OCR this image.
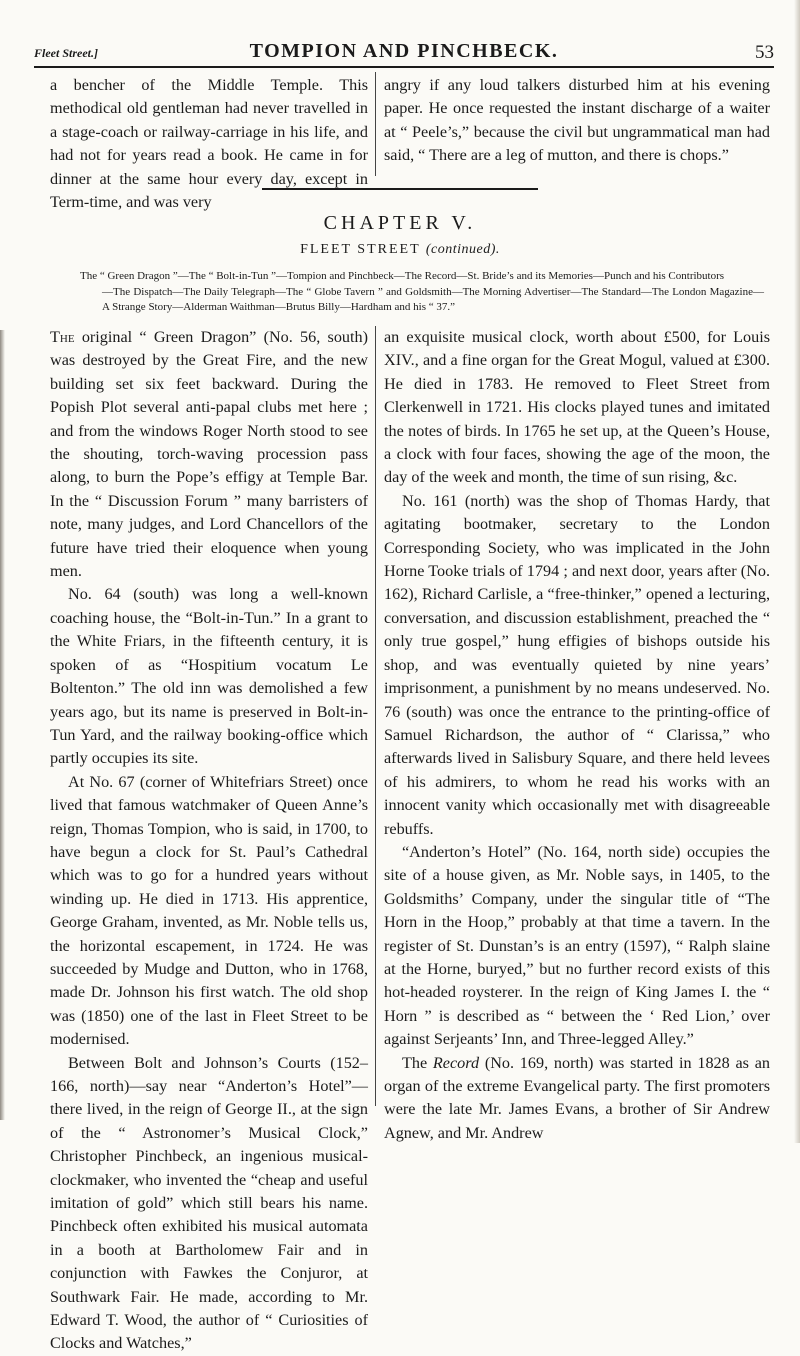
Fleet Street.]	TOMPION AND PINCHBECK.	53

a bencher of the Middle Temple. This methodical old gentleman had never travelled in a stage-coach or railway-carriage in his life, and had not for years read a book. He came in for dinner at the same hour every day, except in Term-time, and was very

angry if any loud talkers disturbed him at his evening paper. He once requested the instant discharge of a waiter at “ Peele’s,” because the civil but ungrammatical man had said, “ There are a leg of mutton, and there is chops.”

CHAPTER V.
FLEET STREET (continued).
The “ Green Dragon ”—The “ Bolt-in-Tun ”—Tompion and Pinchbeck—The Record—St. Bride’s and its Memories—Punch and his Contributors
—The Dispatch—The Daily Telegraph—The “ Globe Tavern ” and Goldsmith—The Morning Advertiser—The Standard—The London Magazine—A Strange Story—Alderman Waithman—Brutus Billy—Hardham and his “ 37.”

The original “ Green Dragon” (No. 56, south) was destroyed by the Great Fire, and the new building set six feet backward. During the Popish Plot several anti-papal clubs met here ; and from the windows Roger North stood to see the shouting, torch-waving procession pass along, to burn the Pope’s effigy at Temple Bar. In the “ Discussion Forum ” many barristers of note, many judges, and Lord Chancellors of the future have tried their eloquence when young men.

No. 64 (south) was long a well-known coaching house, the “Bolt-in-Tun.” In a grant to the White Friars, in the fifteenth century, it is spoken of as “Hospitium vocatum Le Boltenton.” The old inn was demolished a few years ago, but its name is preserved in Bolt-in-Tun Yard, and the railway booking-office which partly occupies its site.

At No. 67 (corner of Whitefriars Street) once lived that famous watchmaker of Queen Anne’s reign, Thomas Tompion, who is said, in 1700, to have begun a clock for St. Paul’s Cathedral which was to go for a hundred years without winding up. He died in 1713. His apprentice, George Graham, invented, as Mr. Noble tells us, the horizontal escapement, in 1724. He was succeeded by Mudge and Dutton, who in 1768, made Dr. Johnson his first watch. The old shop was (1850) one of the last in Fleet Street to be modernised.

Between Bolt and Johnson’s Courts (152–166, north)—say near “Anderton’s Hotel”—there lived, in the reign of George II., at the sign of the “ Astronomer’s Musical Clock,” Christopher Pinchbeck, an ingenious musical-clockmaker, who invented the “cheap and useful imitation of gold” which still bears his name. Pinchbeck often exhibited his musical automata in a booth at Bartholomew Fair and in conjunction with Fawkes the Conjuror, at Southwark Fair. He made, according to Mr. Edward T. Wood, the author of “ Curiosities of Clocks and Watches,”

an exquisite musical clock, worth about £500, for Louis XIV., and a fine organ for the Great Mogul, valued at £300. He died in 1783. He removed to Fleet Street from Clerkenwell in 1721. His clocks played tunes and imitated the notes of birds. In 1765 he set up, at the Queen’s House, a clock with four faces, showing the age of the moon, the day of the week and month, the time of sun rising, &c.

No. 161 (north) was the shop of Thomas Hardy, that agitating bootmaker, secretary to the London Corresponding Society, who was implicated in the John Horne Tooke trials of 1794 ; and next door, years after (No. 162), Richard Carlisle, a “free-thinker,” opened a lecturing, conversation, and discussion establishment, preached the “ only true gospel,” hung effigies of bishops outside his shop, and was eventually quieted by nine years’ imprisonment, a punishment by no means undeserved. No. 76 (south) was once the entrance to the printing-office of Samuel Richardson, the author of “ Clarissa,” who afterwards lived in Salisbury Square, and there held levees of his admirers, to whom he read his works with an innocent vanity which occasionally met with disagreeable rebuffs.

“Anderton’s Hotel” (No. 164, north side) occupies the site of a house given, as Mr. Noble says, in 1405, to the Goldsmiths’ Company, under the singular title of “The Horn in the Hoop,” probably at that time a tavern. In the register of St. Dunstan’s is an entry (1597), “ Ralph slaine at the Horne, buryed,” but no further record exists of this hot-headed roysterer. In the reign of King James I. the “ Horn ” is described as “ between the ‘ Red Lion,’ over against Serjeants’ Inn, and Three-legged Alley.”

The Record (No. 169, north) was started in 1828 as an organ of the extreme Evangelical party. The first promoters were the late Mr. James Evans, a brother of Sir Andrew Agnew, and Mr. Andrew
